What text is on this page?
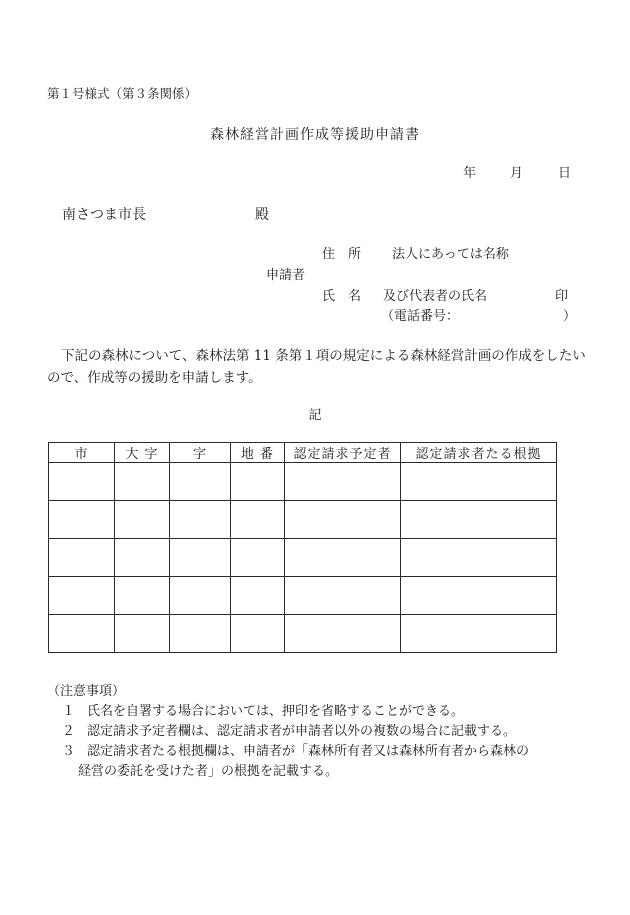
第１号様式（第３条関係）
森林経営計画作成等援助申請書
年	月	日
南さつま市長	殿
住　所 法人にあっては名称
申請者
氏　名 及び代表者の氏名	印
（電話番号：	）
下記の森林について、森林法第 11 条第１項の規定による森林経営計画の作成をしたいので、作成等の援助を申請します。
記
市	大 字	字	地 番	認定請求予定者	認定請求者たる根拠

（注意事項）
１ 氏名を自署する場合においては、押印を省略することができる。
２ 認定請求予定者欄は、認定請求者が申請者以外の複数の場合に記載する。
３ 認定請求者たる根拠欄は、申請者が「森林所有者又は森林所有者から森林の
経営の委託を受けた者」の根拠を記載する。
